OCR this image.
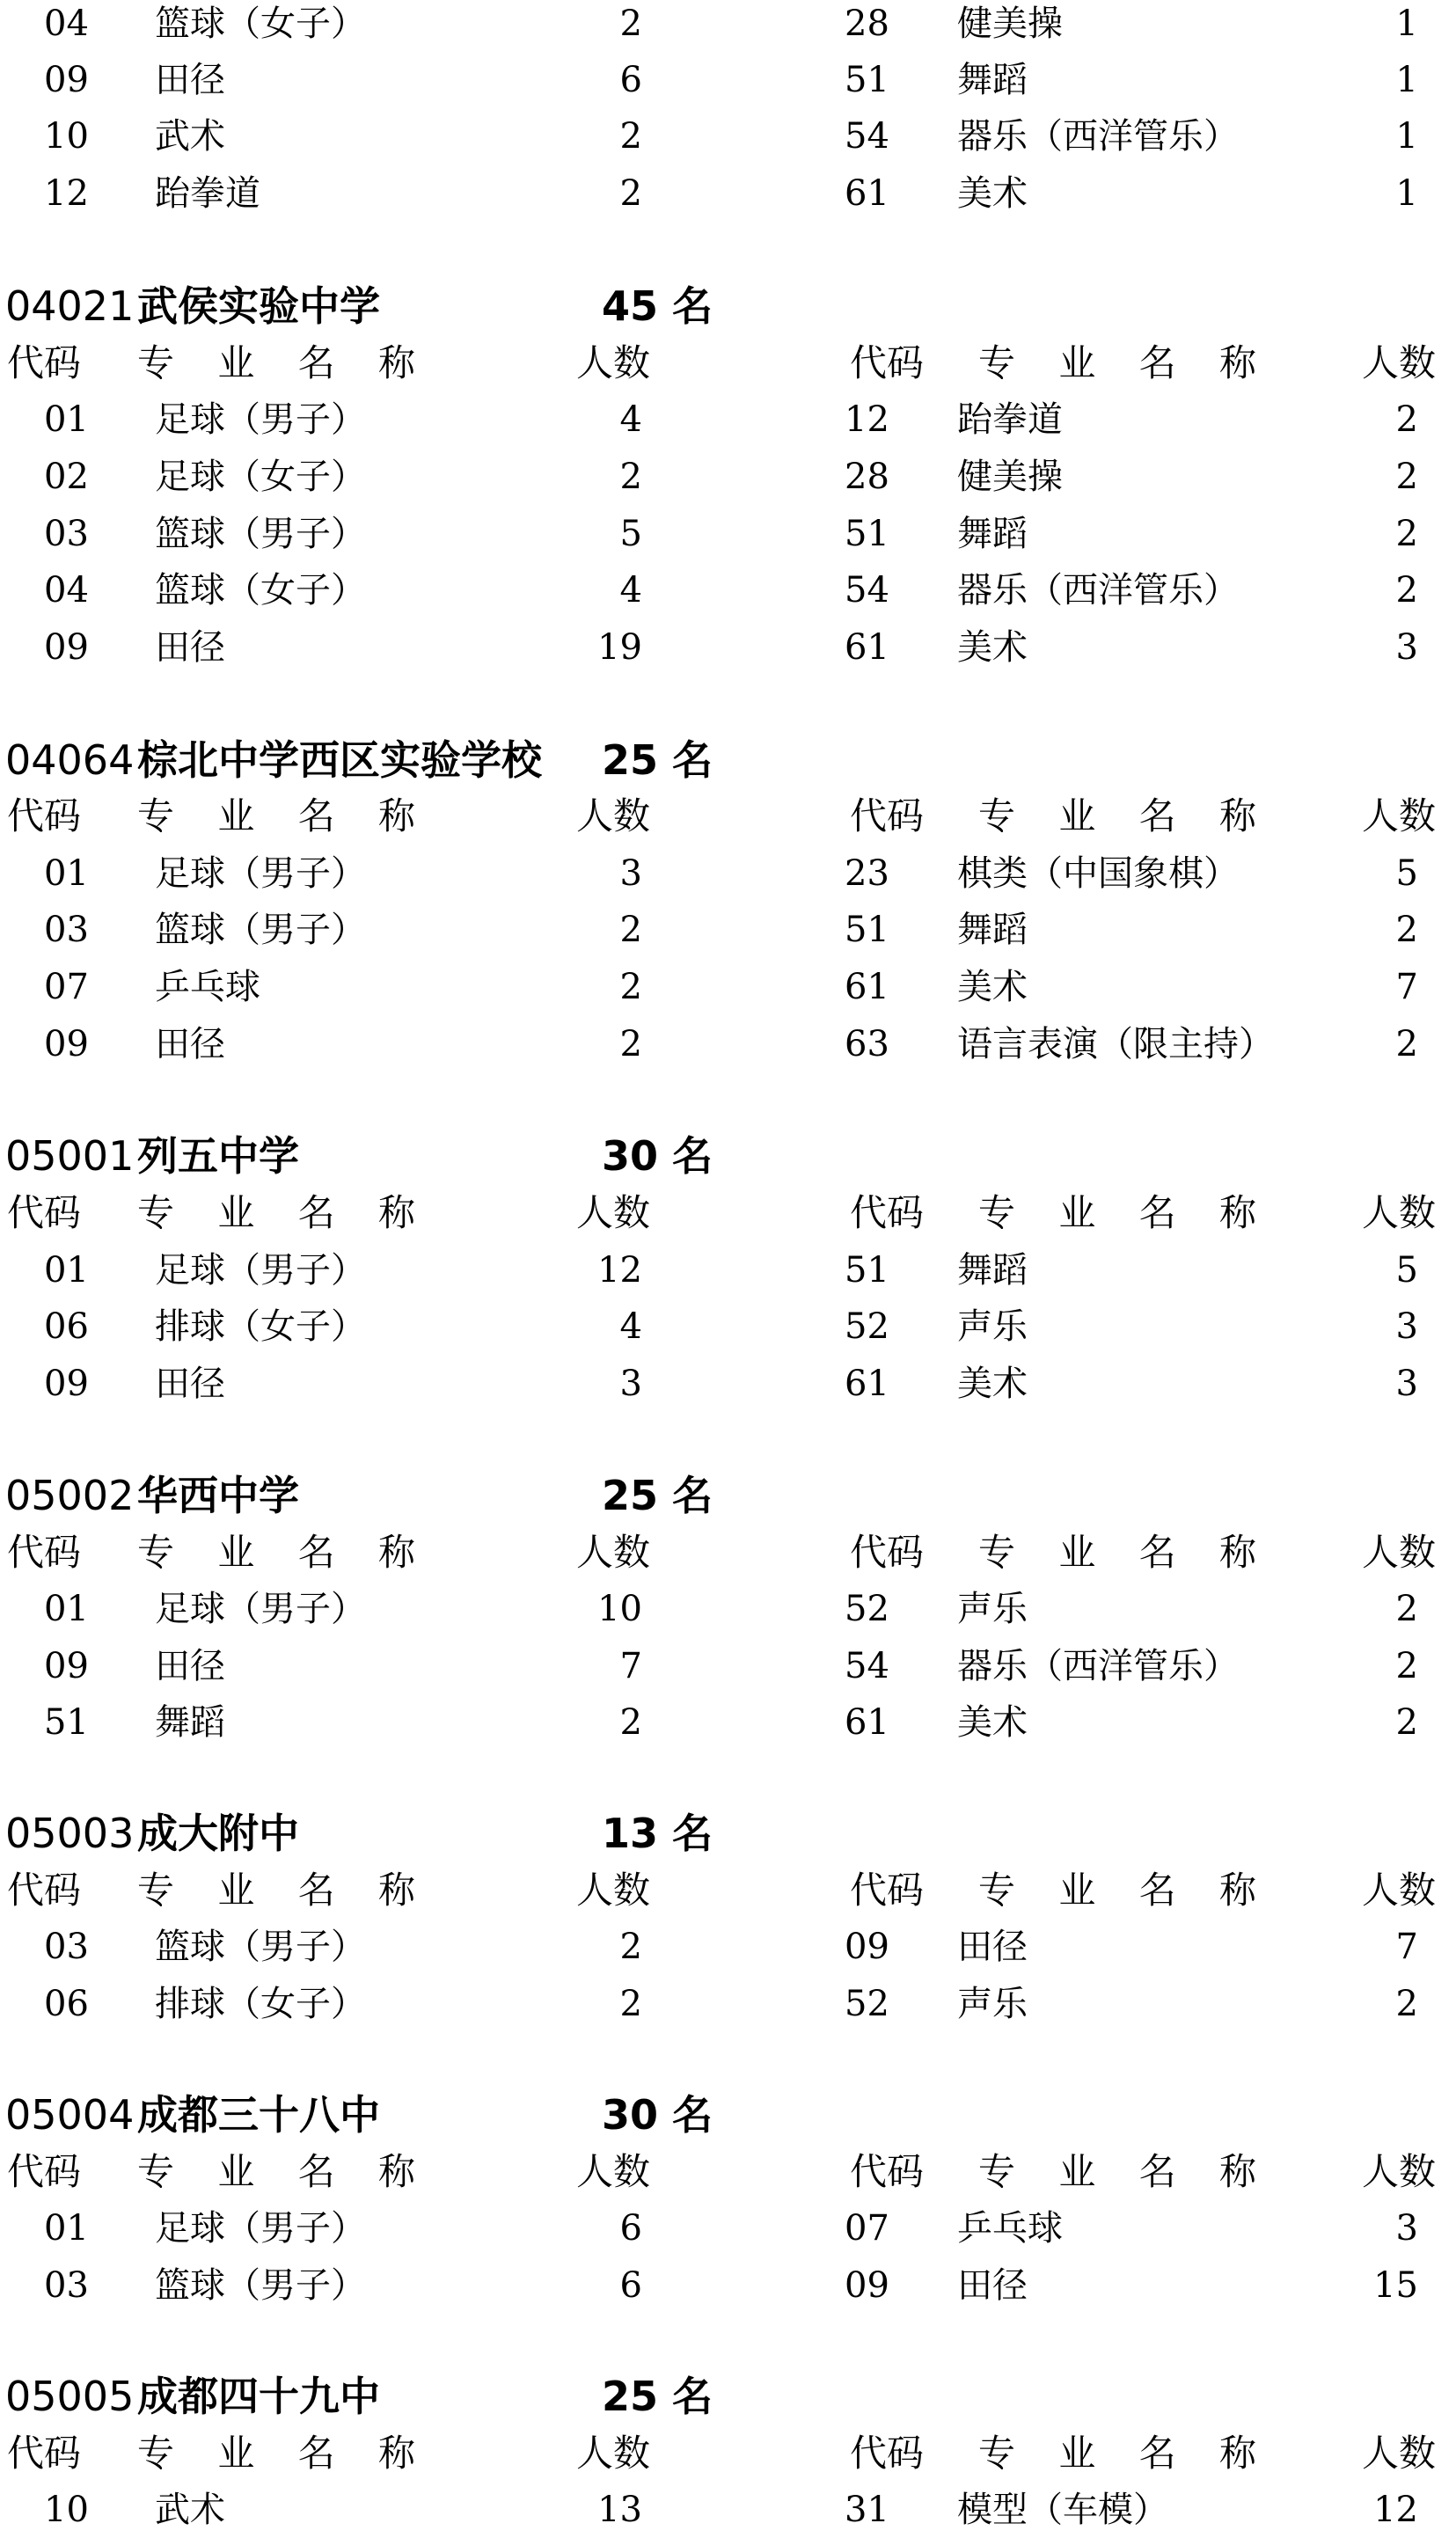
04 篮球（女子）	2	28 健美操	1
09 田径	6	51 舞蹈	1
10 武术	2	54 器乐（西洋管乐）	1
12 跆拳道	2	61 美术	1
04021 武侯实验中学	45 名
代码 专 业 名 称	人数	代码 专 业 名 称 人数
01 足球（男子）	4	12 跆拳道	2
02 足球（女子）	2	28 健美操	2
03 篮球（男子）	5	51 舞蹈	2
04 篮球（女子）	4	54 器乐（西洋管乐）	2
09 田径	19	61 美术	3
04064 棕北中学西区实验学校 25 名
代码 专 业 名 称	人数	代码 专 业 名 称 人数
01 足球（男子）	3	23 棋类（中国象棋）	5
03 篮球（男子）	2	51 舞蹈	2
07 乒乓球	2	61 美术	7
09 田径	2	63 语言表演（限主持）	2
05001 列五中学	30 名
代码 专 业 名 称	人数	代码 专 业 名 称 人数
01 足球（男子）	12	51 舞蹈	5
06 排球（女子）	4	52 声乐	3
09 田径	3	61 美术	3
05002 华西中学	25 名
代码 专 业 名 称	人数	代码 专 业 名 称 人数
01 足球（男子）	10	52 声乐	2
09 田径	7	54 器乐（西洋管乐）	2
51 舞蹈	2	61 美术	2
05003 成大附中	13 名
代码 专 业 名 称	人数	代码 专 业 名 称 人数
03 篮球（男子）	2	09 田径	7
06 排球（女子）	2	52 声乐	2
05004 成都三十八中	30 名
代码 专 业 名 称	人数	代码 专 业 名 称 人数
01 足球（男子）	6	07 乒乓球	3
03 篮球（男子）	6	09 田径	15
05005 成都四十九中	25 名
代码 专 业 名 称	人数	代码 专 业 名 称 人数
10 武术	13	31 模型（车模）	12
